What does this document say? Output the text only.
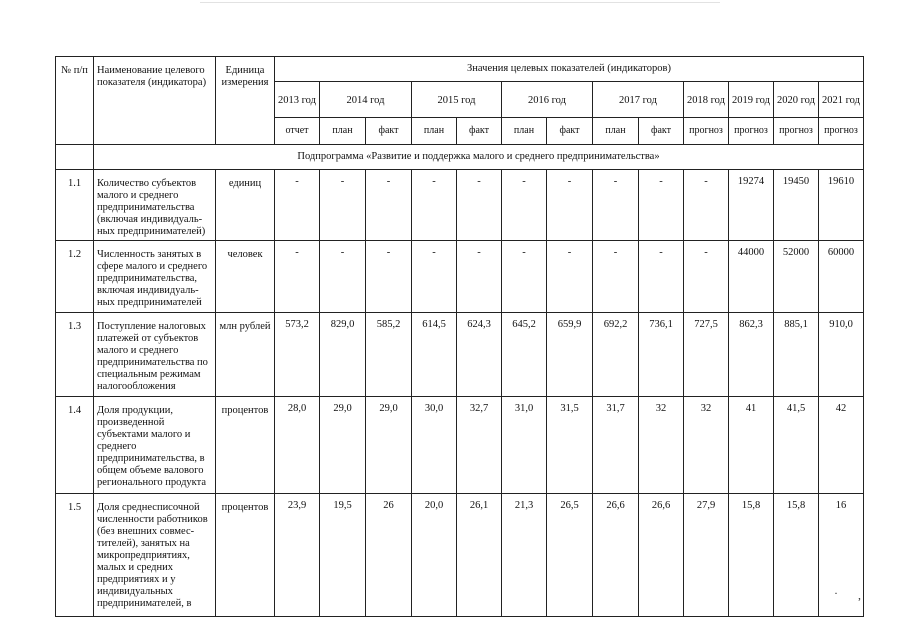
№ п/п	Наименование целевого показателя (индикатора)	Единица измерения	Значения целевых показателей (индикаторов)												
			2013 год	2014 год		2015 год		2016 год		2017 год		2018 год	2019 год	2020 год	2021 год
			отчет	план	факт	план	факт	план	факт	план	факт	прогноз	прогноз	прогноз	прогноз
	Подпрограмма «Развитие и поддержка малого и среднего предпринимательства»														
1.1	Количество субъектов малого и среднего предпринимательства (включая индивидуаль-ных предпринимателей)	единиц	-	-	-	-	-	-	-	-	-	-	19274	19450	19610
1.2	Численность занятых в сфере малого и среднего предпринимательства, включая индивидуаль-ных предпринимателей	человек	-	-	-	-	-	-	-	-	-	-	44000	52000	60000
1.3	Поступление налоговых платежей от субъектов малого и среднего предпринимательства по специальным режимам налогообложения	млн рублей	573,2	829,0	585,2	614,5	624,3	645,2	659,9	692,2	736,1	727,5	862,3	885,1	910,0
1.4	Доля продукции, произведенной субъектами малого и среднего предпринимательства, в общем объеме валового регионального продукта	процентов	28,0	29,0	29,0	30,0	32,7	31,0	31,5	31,7	32	32	41	41,5	42
1.5	Доля среднесписочной численности работников (без внешних совмес-тителей), занятых на микропредприятиях, малых и средних предприятиях и у индивидуальных предпринимателей, в	процентов	23,9	19,5	26	20,0	26,1	21,3	26,5	26,6	26,6	27,9	15,8	15,8	16
· ,
